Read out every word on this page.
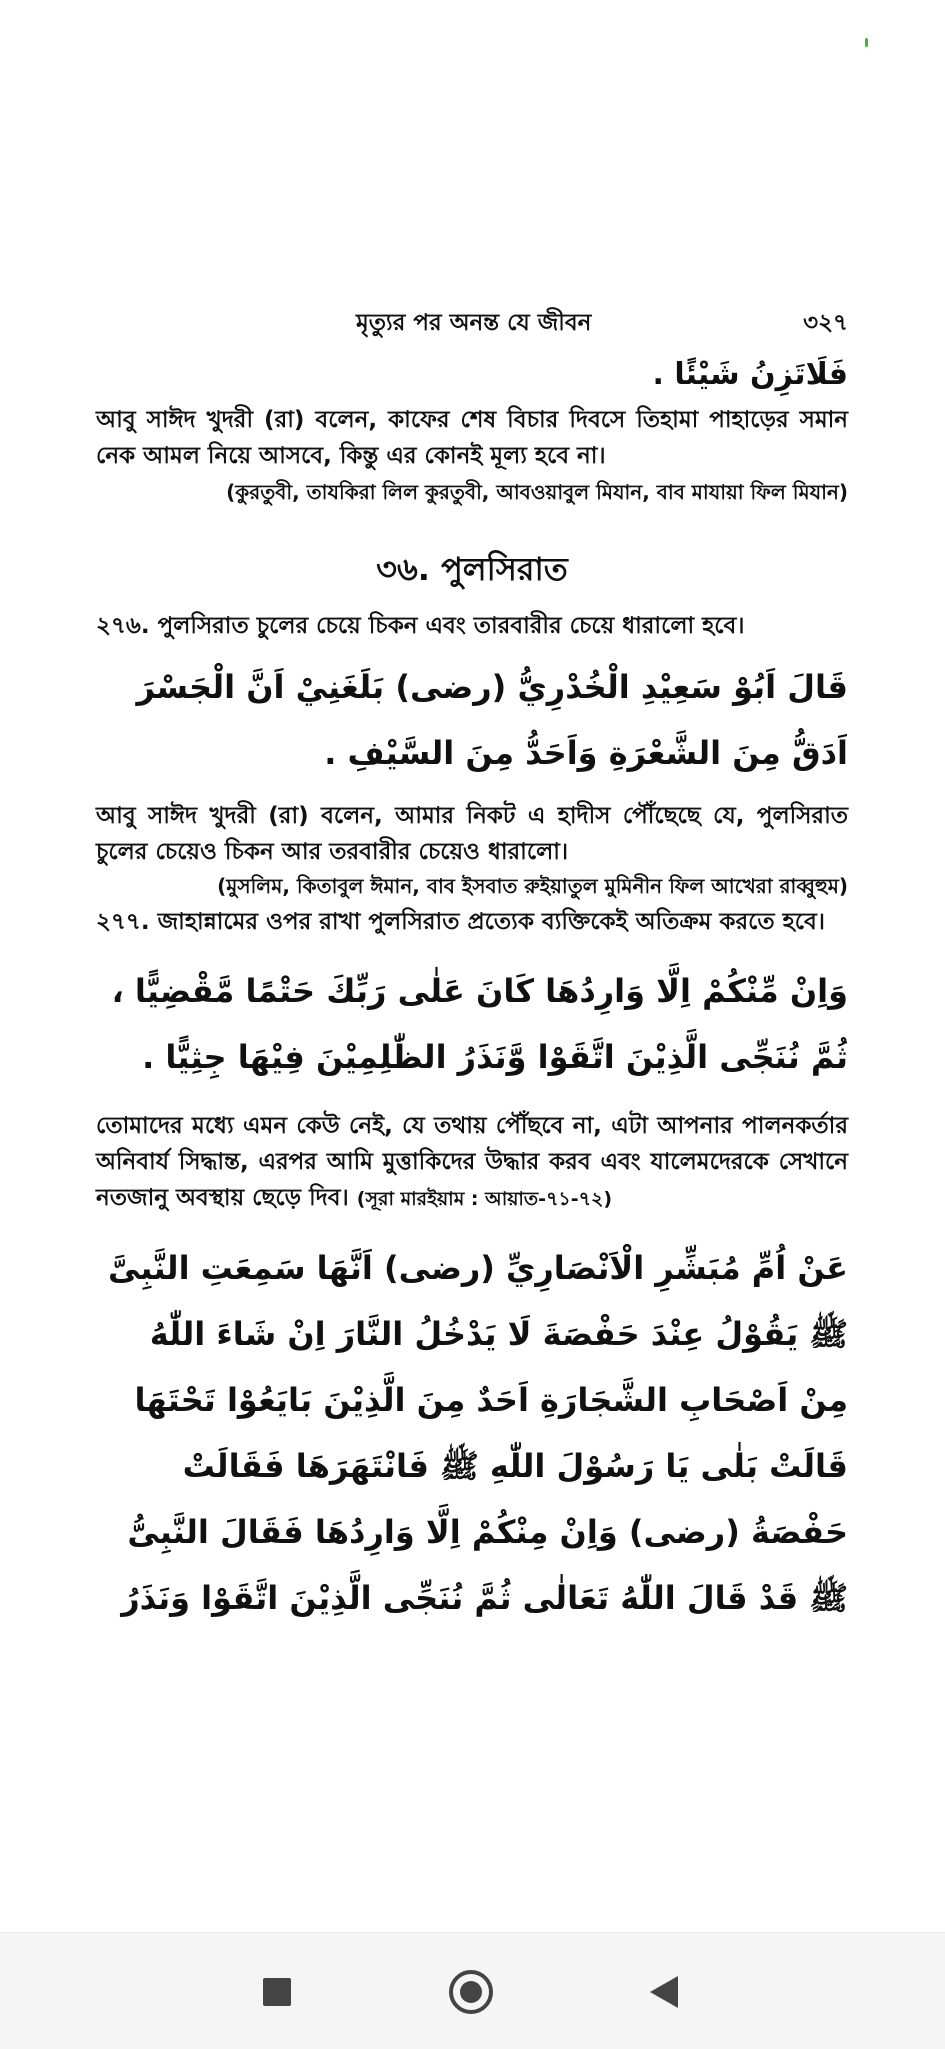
মৃত্যুর পর অনন্ত যে জীবন	৩২৭
فَلَاتَزِنُ شَيْئًا .
আবু সাঈদ খুদরী (রা) বলেন, কাফের শেষ বিচার দিবসে তিহামা পাহাড়ের সমান নেক আমল নিয়ে আসবে, কিন্তু এর কোনই মূল্য হবে না।
(কুরতুবী, তাযকিরা লিল কুরতুবী, আবওয়াবুল মিযান, বাব মাযায়া ফিল মিযান)
৩৬. পুলসিরাত
২৭৬. পুলসিরাত চুলের চেয়ে চিকন এবং তারবারীর চেয়ে ধারালো হবে।
قَالَ اَبُوْ سَعِيْدِ الْخُدْرِيُّ (رضى) بَلَغَنِيْ اَنَّ الْجَسْرَ اَدَقُّ مِنَ الشَّعْرَةِ وَاَحَدُّ مِنَ السَّيْفِ .
আবু সাঈদ খুদরী (রা) বলেন, আমার নিকট এ হাদীস পৌঁছেছে যে, পুলসিরাত চুলের চেয়েও চিকন আর তরবারীর চেয়েও ধারালো।
(মুসলিম, কিতাবুল ঈমান, বাব ইসবাত রুইয়াতুল মুমিনীন ফিল আখেরা রাব্বুহুম)
২৭৭. জাহান্নামের ওপর রাখা পুলসিরাত প্রত্যেক ব্যক্তিকেই অতিক্রম করতে হবে।
وَاِنْ مِّنْكُمْ اِلَّا وَارِدُهَا كَانَ عَلٰى رَبِّكَ حَتْمًا مَّقْضِيًّا ، ثُمَّ نُنَجِّى الَّذِيْنَ اتَّقَوْا وَّنَذَرُ الظّٰلِمِيْنَ فِيْهَا جِثِيًّا .
তোমাদের মধ্যে এমন কেউ নেই, যে তথায় পৌঁছবে না, এটা আপনার পালনকর্তার অনিবার্য সিদ্ধান্ত, এরপর আমি মুত্তাকিদের উদ্ধার করব এবং যালেমদেরকে সেখানে নতজানু অবস্থায় ছেড়ে দিব। (সূরা মারইয়াম : আয়াত-৭১-৭২)
عَنْ اُمِّ مُبَشِّرِ الْاَنْصَارِيِّ (رضى) اَنَّهَا سَمِعَتِ النَّبِىَّ ﷺ يَقُوْلُ عِنْدَ حَفْصَةَ لَا يَدْخُلُ النَّارَ اِنْ شَاءَ اللّٰهُ مِنْ اَصْحَابِ الشَّجَارَةِ اَحَدٌ مِنَ الَّذِيْنَ بَايَعُوْا تَحْتَهَا قَالَتْ بَلٰى يَا رَسُوْلَ اللّٰهِ ﷺ فَانْتَهَرَهَا فَقَالَتْ حَفْصَةُ (رضى) وَاِنْ مِنْكُمْ اِلَّا وَارِدُهَا فَقَالَ النَّبِىُّ ﷺ قَدْ قَالَ اللّٰهُ تَعَالٰى ثُمَّ نُنَجِّى الَّذِيْنَ اتَّقَوْا وَنَذَرُ
